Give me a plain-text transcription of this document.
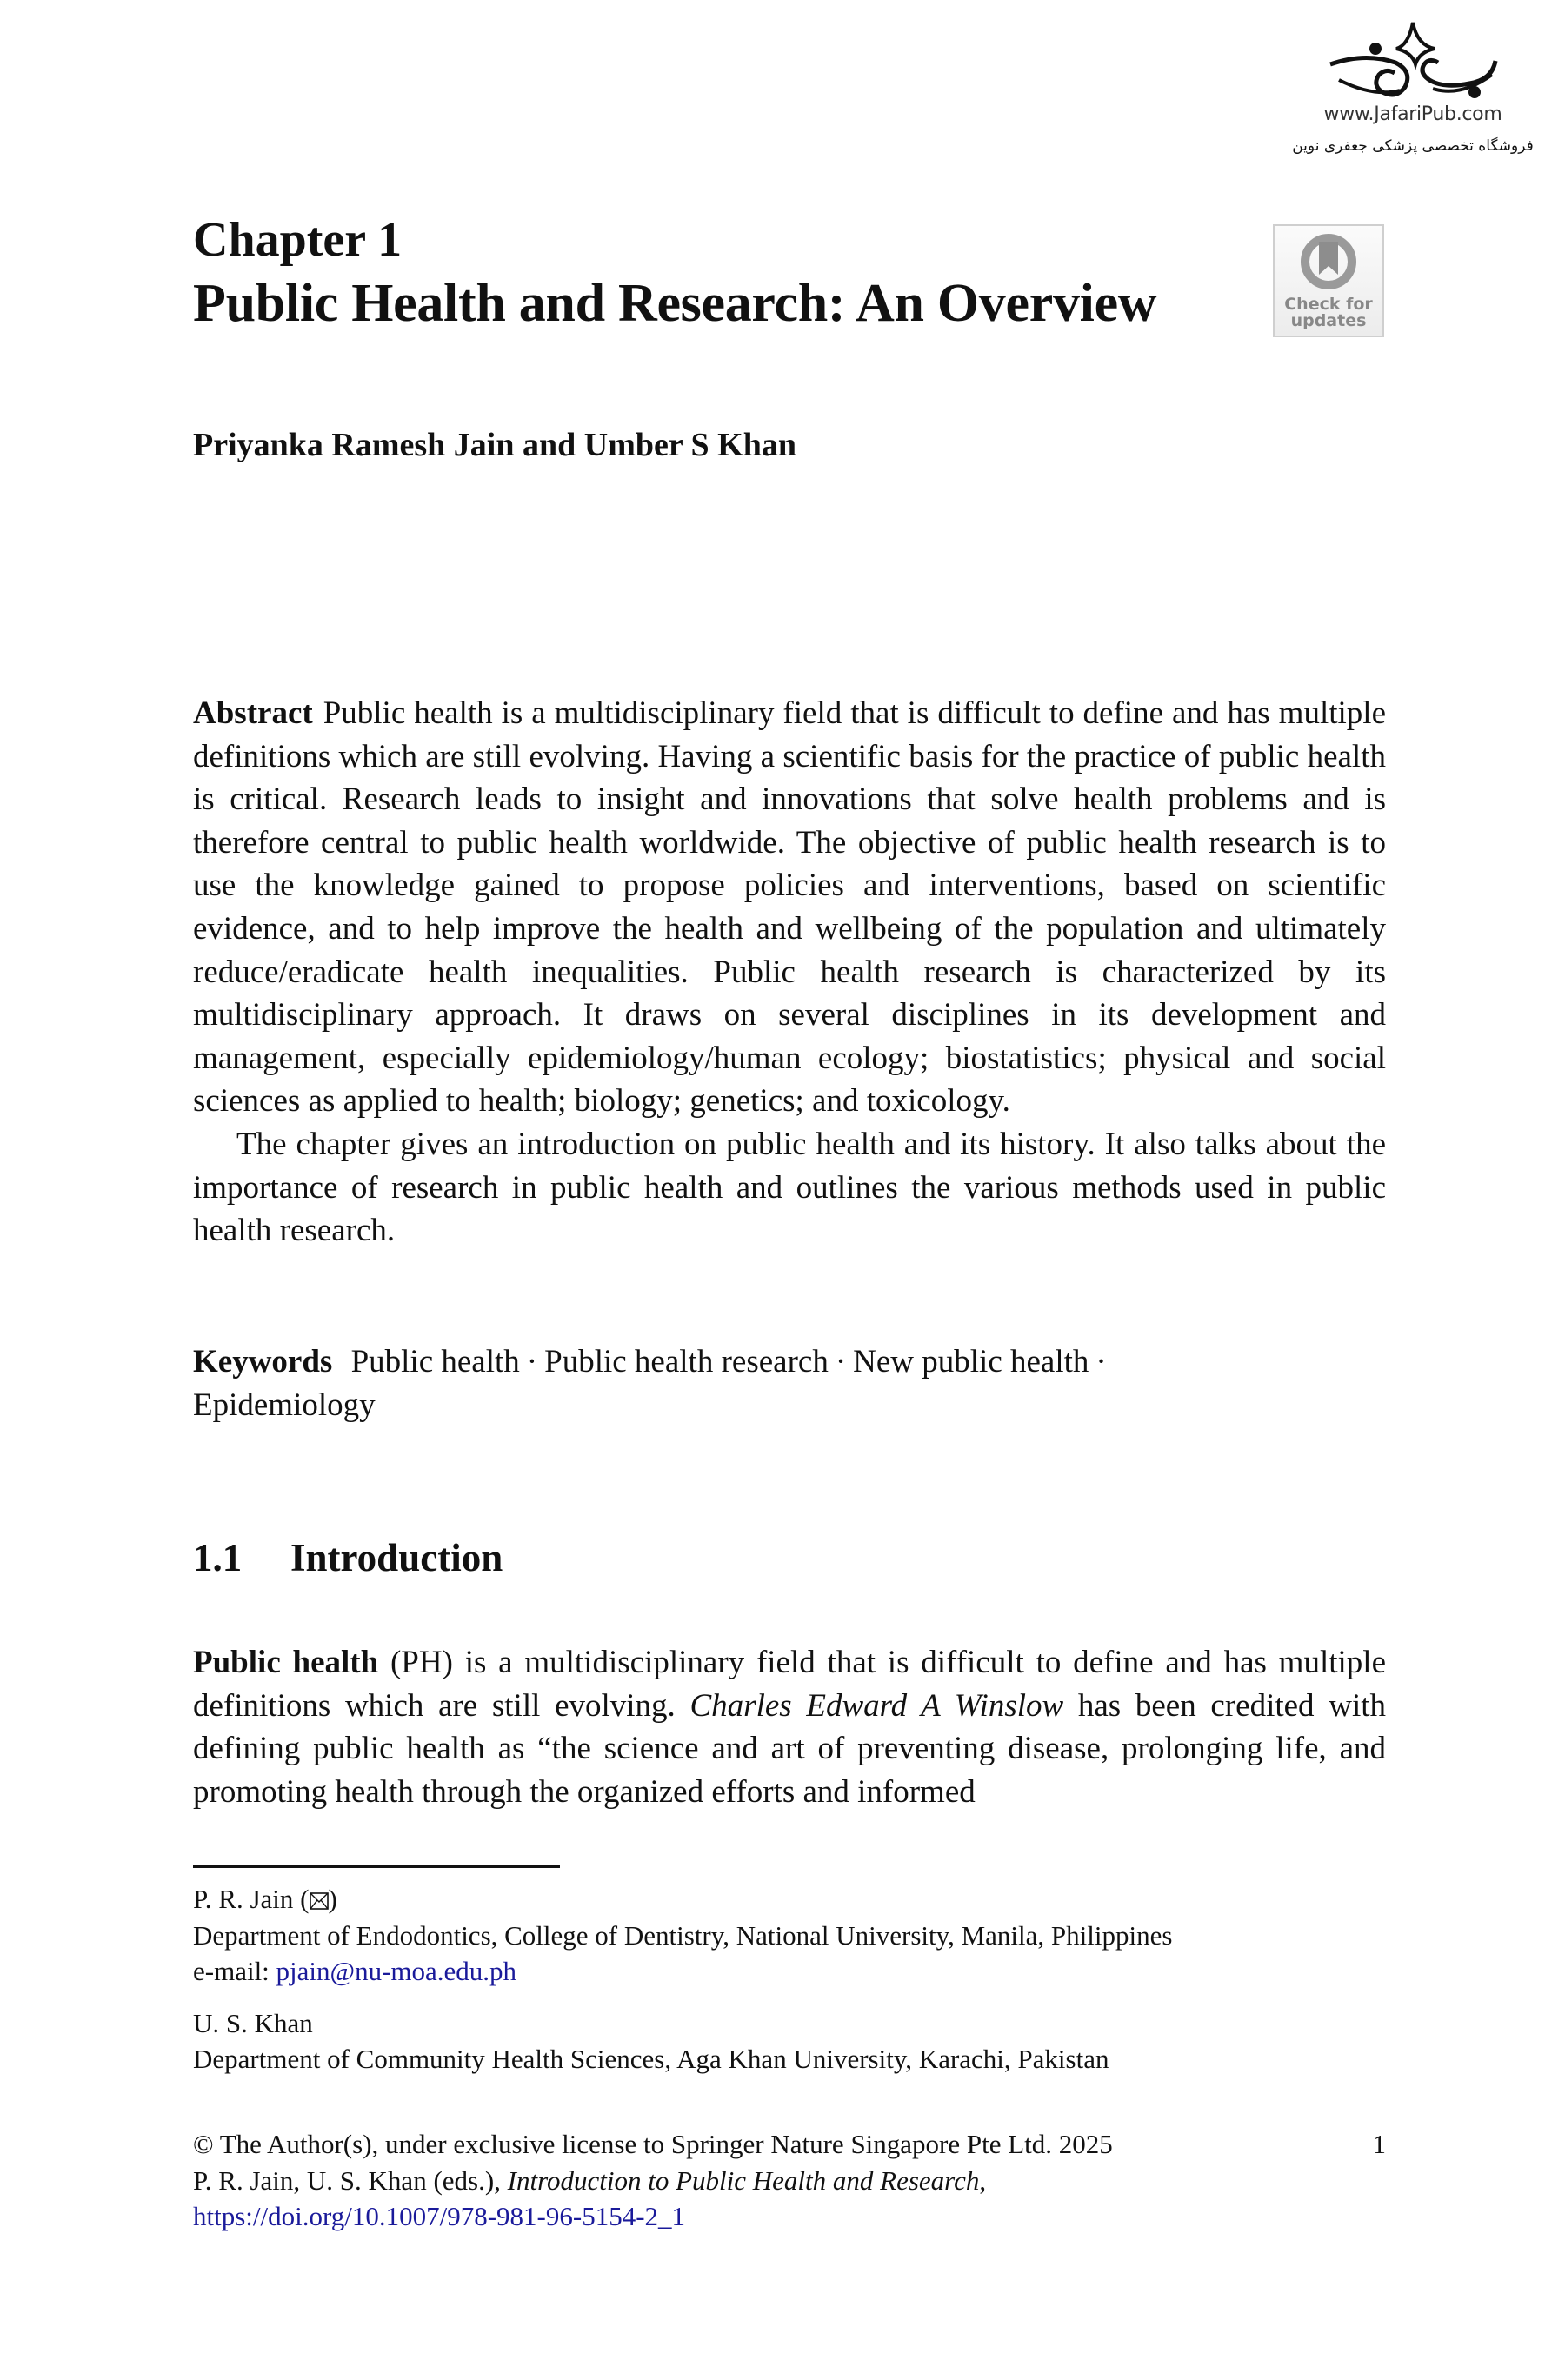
www.JafariPub.com
فروشگاه تخصصی پزشکی جعفری نوین
Chapter 1
Public Health and Research: An Overview	Check for
updates
Priyanka Ramesh Jain and Umber S Khan

Abstract Public health is a multidisciplinary field that is difficult to define and has multiple definitions which are still evolving. Having a scientific basis for the practice of public health is critical. Research leads to insight and innovations that solve health problems and is therefore central to public health worldwide. The objective of public health research is to use the knowledge gained to propose policies and interventions, based on scientific evidence, and to help improve the health and wellbeing of the population and ultimately reduce/eradicate health inequalities. Public health research is characterized by its multidisciplinary approach. It draws on several disciplines in its development and management, especially epidemiology/human ecology; biostatistics; physical and social sciences as applied to health; biology; genetics; and toxicology.

The chapter gives an introduction on public health and its history. It also talks about the importance of research in public health and outlines the various methods used in public health research.

Keywords Public health · Public health research · New public health ·
Epidemiology
1.1 Introduction
Public health (PH) is a multidisciplinary field that is difficult to define and has multiple definitions which are still evolving. Charles Edward A Winslow has been credited with defining public health as “the science and art of preventing disease, prolonging life, and promoting health through the organized efforts and informed
P. R. Jain ( )
Department of Endodontics, College of Dentistry, National University, Manila, Philippines
e-mail: pjain@nu-moa.edu.ph
U. S. Khan
Department of Community Health Sciences, Aga Khan University, Karachi, Pakistan
© The Author(s), under exclusive license to Springer Nature Singapore Pte Ltd. 2025	1
P. R. Jain, U. S. Khan (eds.), Introduction to Public Health and Research,
https://doi.org/10.1007/978-981-96-5154-2_1
